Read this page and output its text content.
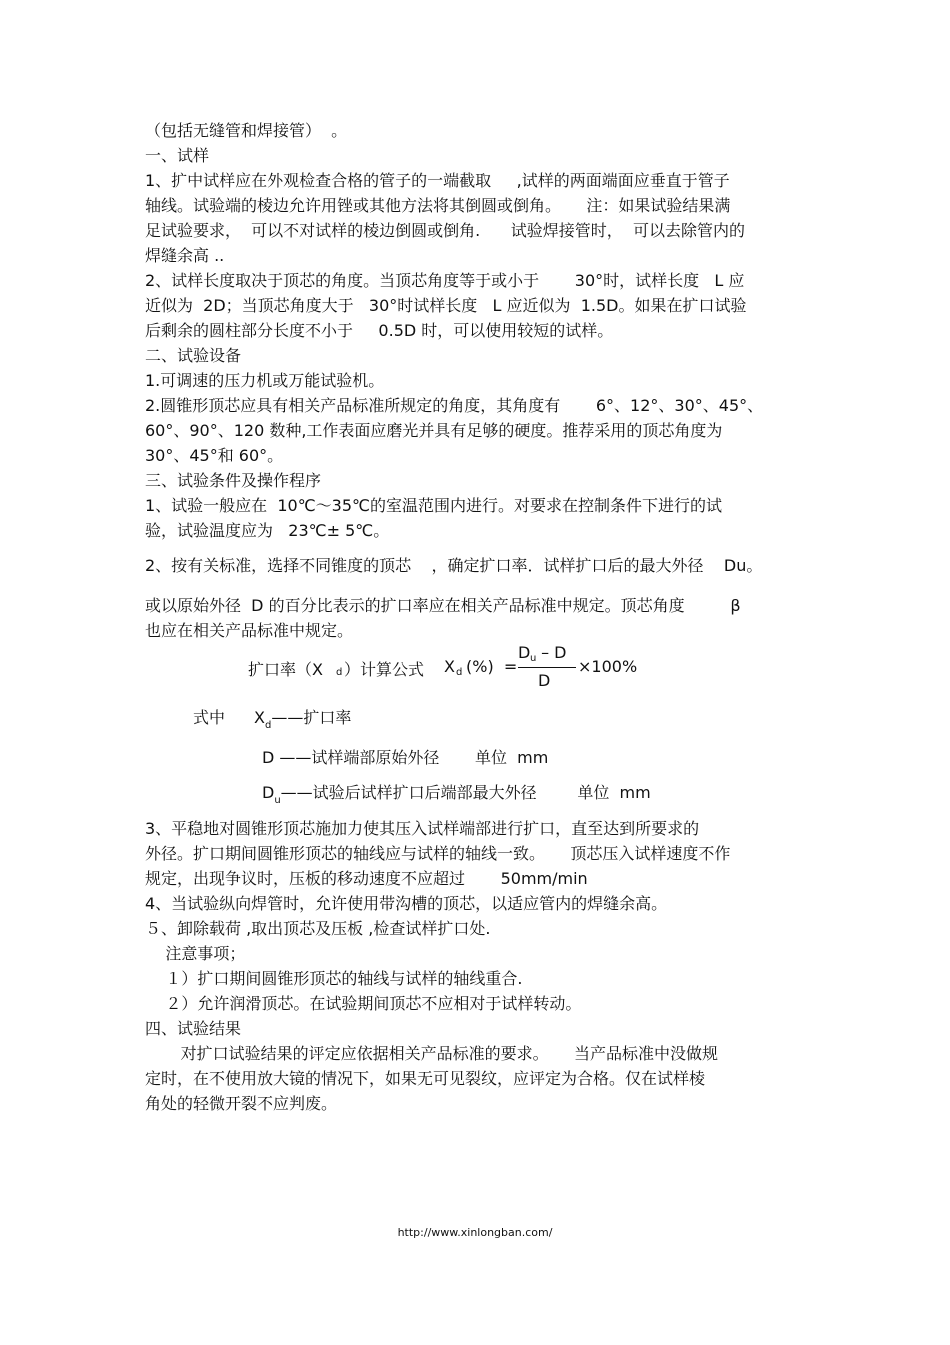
（包括无缝管和焊接管）  。
一、试样
1、扩中试样应在外观检查合格的管子的一端截取     ,试样的两面端面应垂直于管子
轴线。试验端的棱边允许用锉或其他方法将其倒圆或倒角。     注：如果试验结果满
足试验要求，  可以不对试样的棱边倒圆或倒角.      试验焊接管时，  可以去除管内的
焊缝余高 ..
2、试样长度取决于顶芯的角度。当顶芯角度等于或小于       30°时，试样长度   L 应
近似为  2D；当顶芯角度大于   30°时试样长度   L 应近似为  1.5D。如果在扩口试验
后剩余的圆柱部分长度不小于     0.5D 时，可以使用较短的试样。
二、试验设备
1.可调速的压力机或万能试验机。
2.圆锥形顶芯应具有相关产品标准所规定的角度，其角度有       6°、12°、30°、45°、
60°、90°、120 数种,工作表面应磨光并具有足够的硬度。推荐采用的顶芯角度为
30°、45°和 60°。
三、试验条件及操作程序
1、试验一般应在  10℃～35℃的室温范围内进行。对要求在控制条件下进行的试
验，试验温度应为   23℃± 5℃。
2、按有关标准，选择不同锥度的顶芯    ，确定扩口率．试样扩口后的最大外径    Du。
或以原始外径  D 的百分比表示的扩口率应在相关产品标准中规定。顶芯角度         β
也应在相关产品标准中规定。
扩口率（X d ）计算公式 X d (%)  =
D u – D
D
×100%
式中 $X_d——$扩口率
D ——试样端部原始外径       单位  mm
$D_u——$试验后试样扩口后端部最大外径        单位  mm
3、平稳地对圆锥形顶芯施加力使其压入试样端部进行扩口，直至达到所要求的
外径。扩口期间圆锥形顶芯的轴线应与试样的轴线一致。     顶芯压入试样速度不作
规定，出现争议时，压板的移动速度不应超过       50mm/min
4、当试验纵向焊管时，允许使用带沟槽的顶芯，以适应管内的焊缝余高。
５、卸除载荷 ,取出顶芯及压板 ,检查试样扩口处.
注意事项；
１）扩口期间圆锥形顶芯的轴线与试样的轴线重合.
２）允许润滑顶芯。在试验期间顶芯不应相对于试样转动。
四、试验结果
对扩口试验结果的评定应依据相关产品标准的要求。     当产品标准中没做规
定时，在不使用放大镜的情况下，如果无可见裂纹，应评定为合格。仅在试样棱
角处的轻微开裂不应判废。
http://www.xinlongban.com/
